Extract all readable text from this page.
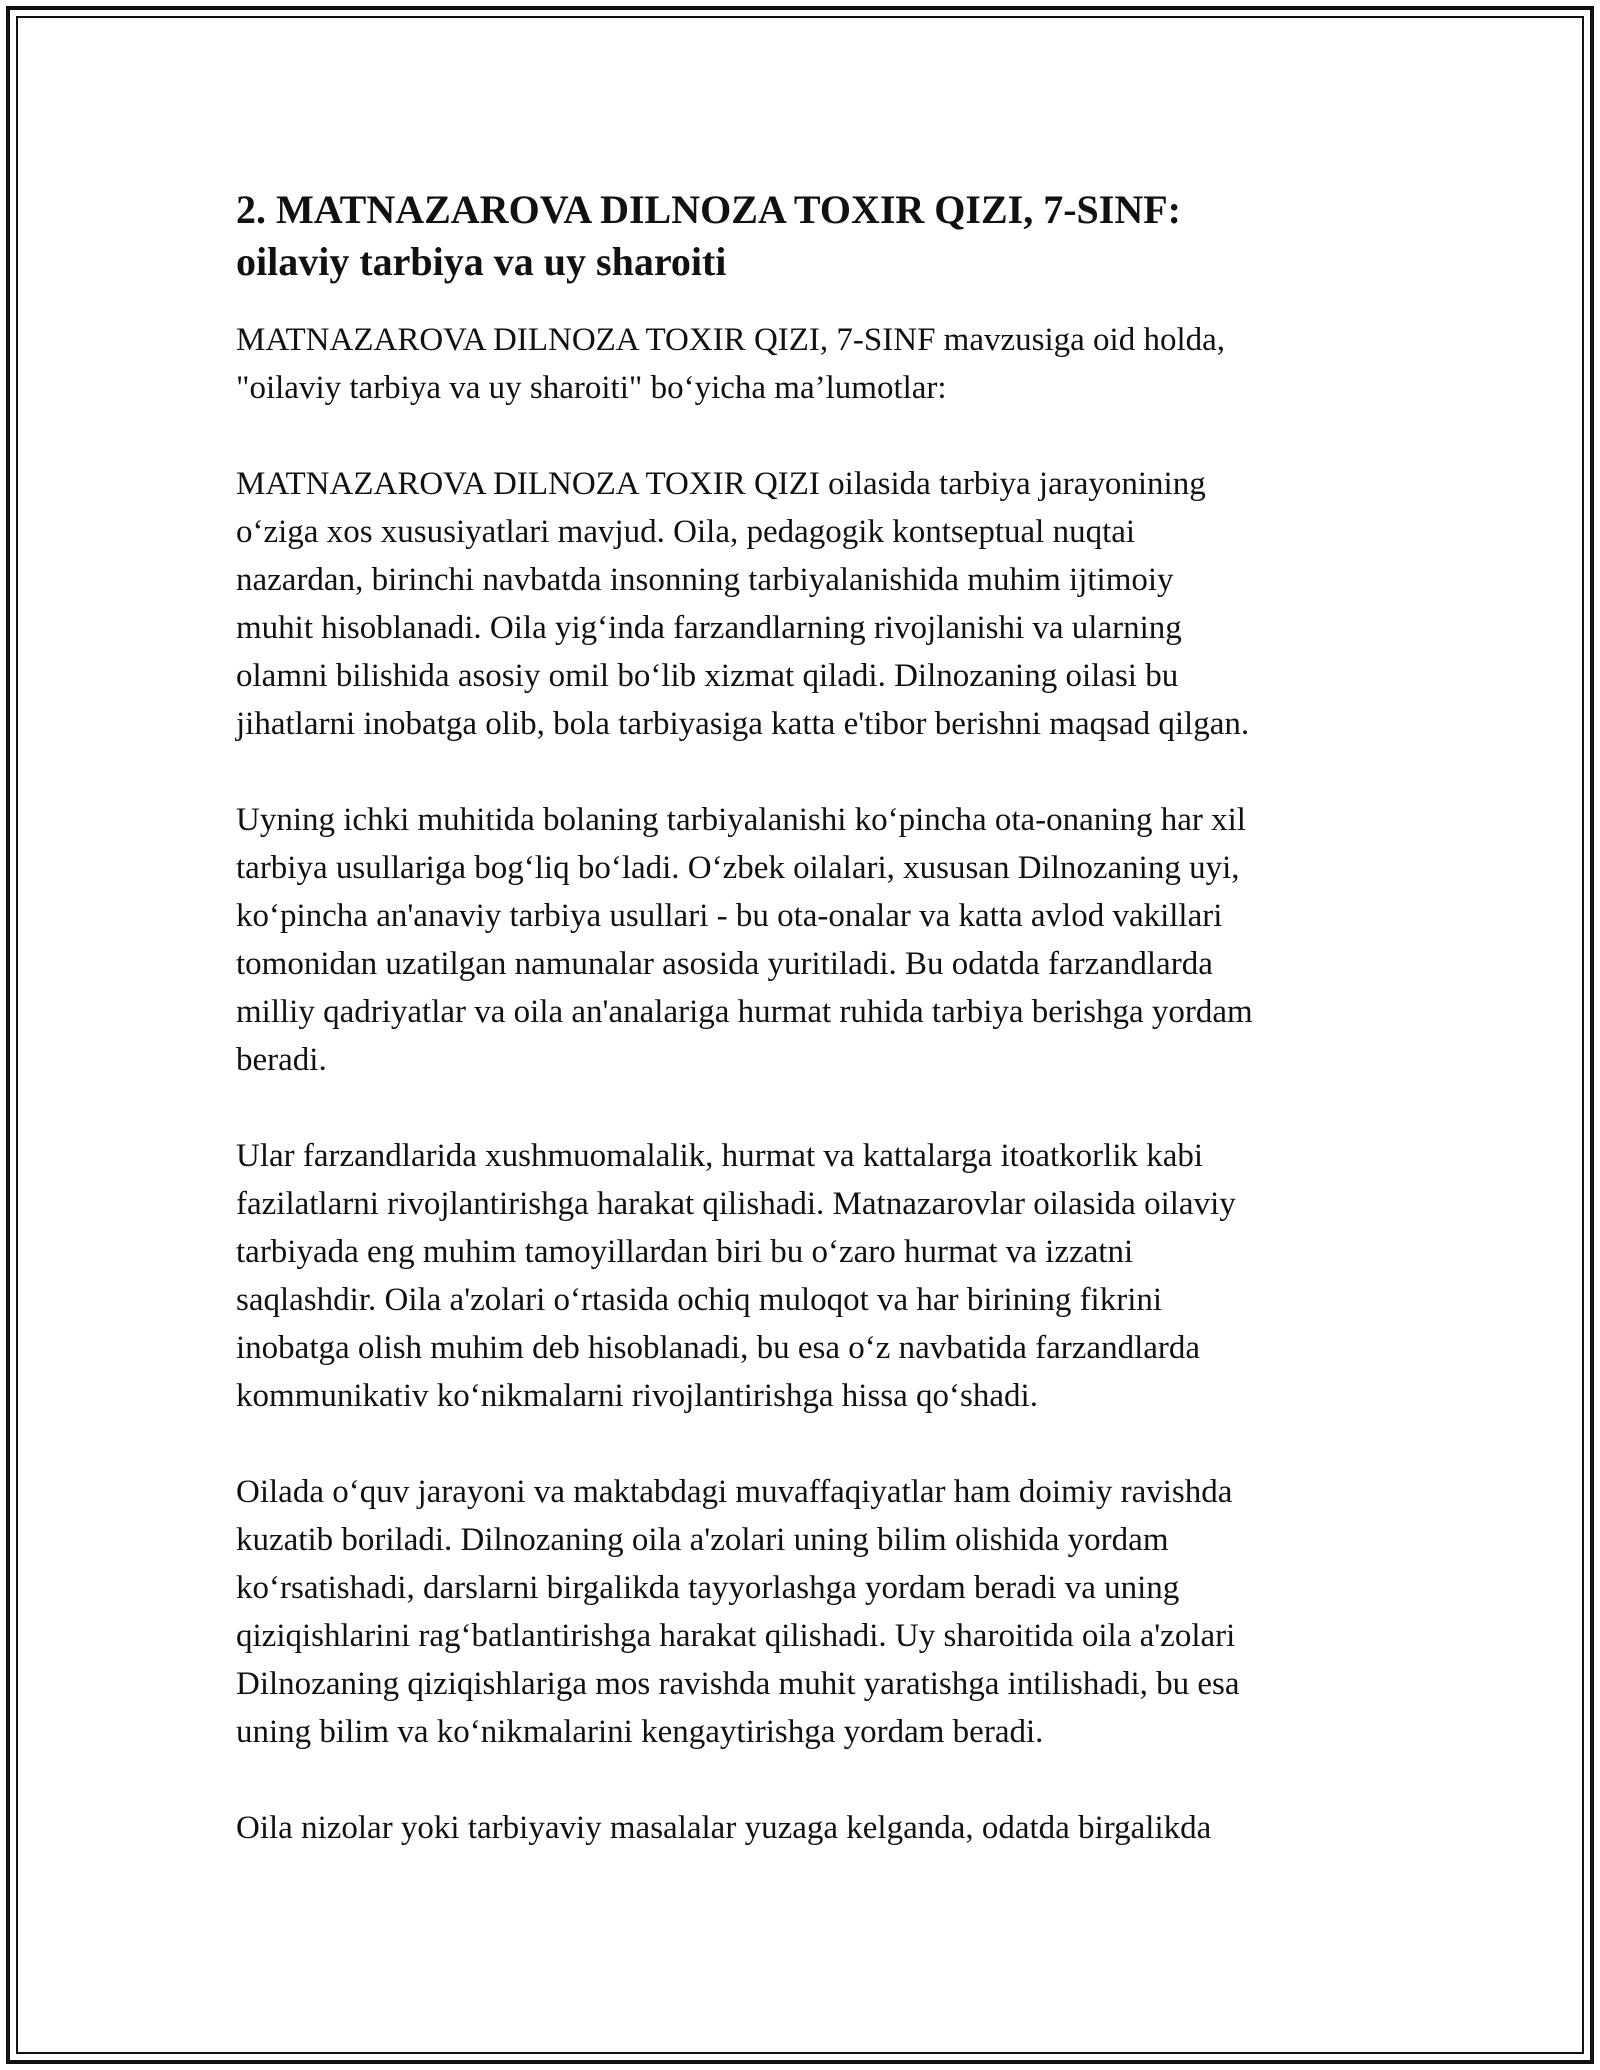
2. MATNAZAROVA DILNOZA TOXIR QIZI, 7-SINF:
oilaviy tarbiya va uy sharoiti

MATNAZAROVA DILNOZA TOXIR QIZI, 7-SINF mavzusiga oid holda,
"oilaviy tarbiya va uy sharoiti" bo‘yicha ma’lumotlar:

MATNAZAROVA DILNOZA TOXIR QIZI oilasida tarbiya jarayonining
o‘ziga xos xususiyatlari mavjud. Oila, pedagogik kontseptual nuqtai
nazardan, birinchi navbatda insonning tarbiyalanishida muhim ijtimoiy
muhit hisoblanadi. Oila yig‘inda farzandlarning rivojlanishi va ularning
olamni bilishida asosiy omil bo‘lib xizmat qiladi. Dilnozaning oilasi bu
jihatlarni inobatga olib, bola tarbiyasiga katta e'tibor berishni maqsad qilgan.

Uyning ichki muhitida bolaning tarbiyalanishi ko‘pincha ota-onaning har xil
tarbiya usullariga bog‘liq bo‘ladi. O‘zbek oilalari, xususan Dilnozaning uyi,
ko‘pincha an'anaviy tarbiya usullari - bu ota-onalar va katta avlod vakillari
tomonidan uzatilgan namunalar asosida yuritiladi. Bu odatda farzandlarda
milliy qadriyatlar va oila an'analariga hurmat ruhida tarbiya berishga yordam
beradi.

Ular farzandlarida xushmuomalalik, hurmat va kattalarga itoatkorlik kabi
fazilatlarni rivojlantirishga harakat qilishadi. Matnazarovlar oilasida oilaviy
tarbiyada eng muhim tamoyillardan biri bu o‘zaro hurmat va izzatni
saqlashdir. Oila a'zolari o‘rtasida ochiq muloqot va har birining fikrini
inobatga olish muhim deb hisoblanadi, bu esa o‘z navbatida farzandlarda
kommunikativ ko‘nikmalarni rivojlantirishga hissa qo‘shadi.

Oilada o‘quv jarayoni va maktabdagi muvaffaqiyatlar ham doimiy ravishda
kuzatib boriladi. Dilnozaning oila a'zolari uning bilim olishida yordam
ko‘rsatishadi, darslarni birgalikda tayyorlashga yordam beradi va uning
qiziqishlarini rag‘batlantirishga harakat qilishadi. Uy sharoitida oila a'zolari
Dilnozaning qiziqishlariga mos ravishda muhit yaratishga intilishadi, bu esa
uning bilim va ko‘nikmalarini kengaytirishga yordam beradi.

Oila nizolar yoki tarbiyaviy masalalar yuzaga kelganda, odatda birgalikda
